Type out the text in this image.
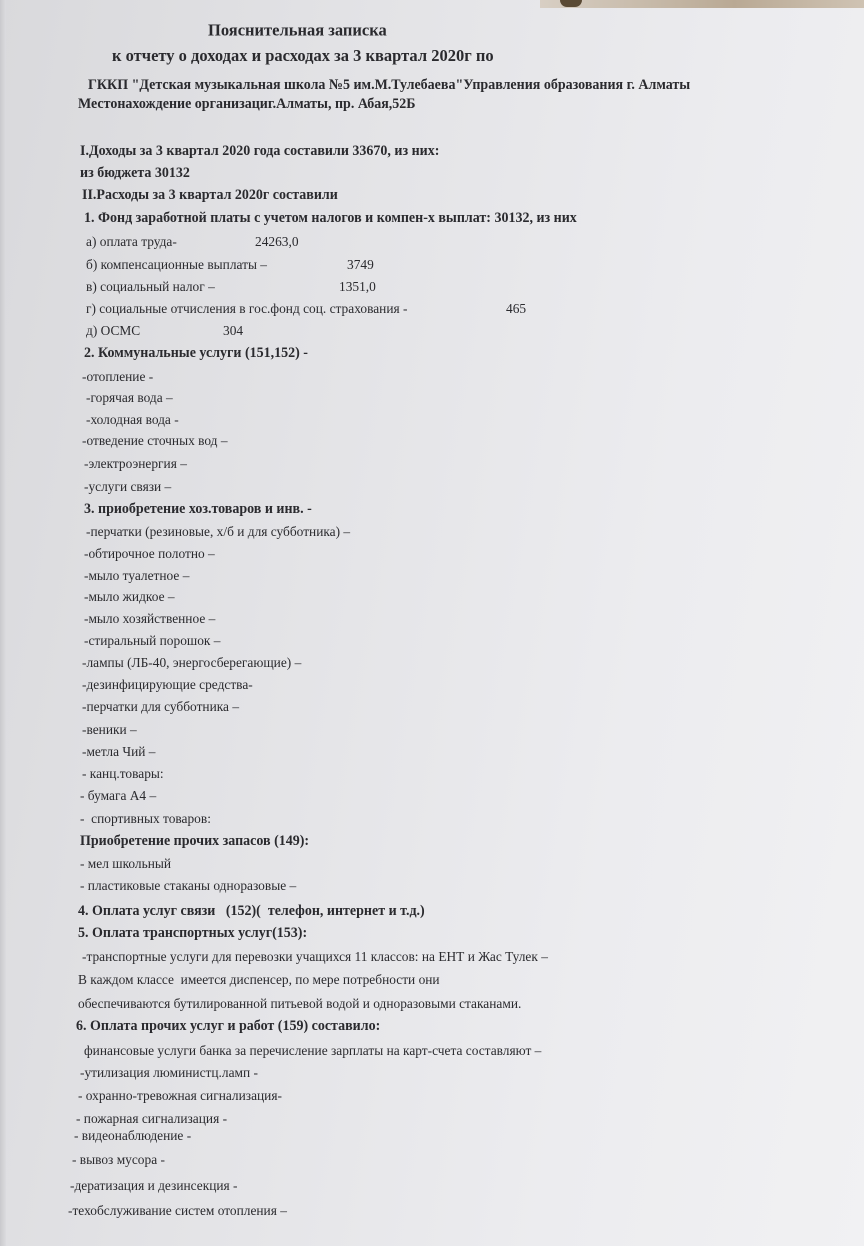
Пояснительная записка
к отчету о доходах и расходах за 3 квартал 2020г по
ГККП "Детская музыкальная школа №5 им.М.Тулебаева"Управления образования г. Алматы
Местонахождение организациг.Алматы, пр. Абая,52Б
I.Доходы за 3 квартал 2020 года составили 33670, из них:
из бюджета 30132
II.Расходы за 3 квартал 2020г составили
1. Фонд заработной платы с учетом налогов и компен-х выплат: 30132, из них
а) оплата труда-	24263,0
б) компенсационные выплаты –	3749
в) социальный налог –	1351,0
г) социальные отчисления в гос.фонд соц. страхования -	465
д) ОСМС	304
2. Коммунальные услуги (151,152) -
-отопление -
-горячая вода –
-холодная вода -
-отведение сточных вод –
-электроэнергия –
-услуги связи –
3. приобретение хоз.товаров и инв. -
-перчатки (резиновые, х/б и для субботника) –
-обтирочное полотно –
-мыло туалетное –
-мыло жидкое –
-мыло хозяйственное –
-стиральный порошок –
-лампы (ЛБ-40, энергосберегающие) –
-дезинфицирующие средства-
-перчатки для субботника –
-веники –
-метла Чий –
- канц.товары:
- бумага А4 –
-  спортивных товаров:
Приобретение прочих запасов (149):
- мел школьный
- пластиковые стаканы одноразовые –
4. Оплата услуг связи   (152)(  телефон, интернет и т.д.)
5. Оплата транспортных услуг(153):
-транспортные услуги для перевозки учащихся 11 классов: на ЕНТ и Жас Тулек –
В каждом классе  имеется диспенсер, по мере потребности они
обеспечиваются бутилированной питьевой водой и одноразовыми стаканами.
6. Оплата прочих услуг и работ (159) составило:
финансовые услуги банка за перечисление зарплаты на карт-счета составляют –
-утилизация люминистц.ламп -
- охранно-тревожная сигнализация-
- пожарная сигнализация -
- видеонаблюдение -
- вывоз мусора -
-дератизация и дезинсекция -
-техобслуживание систем отопления –
